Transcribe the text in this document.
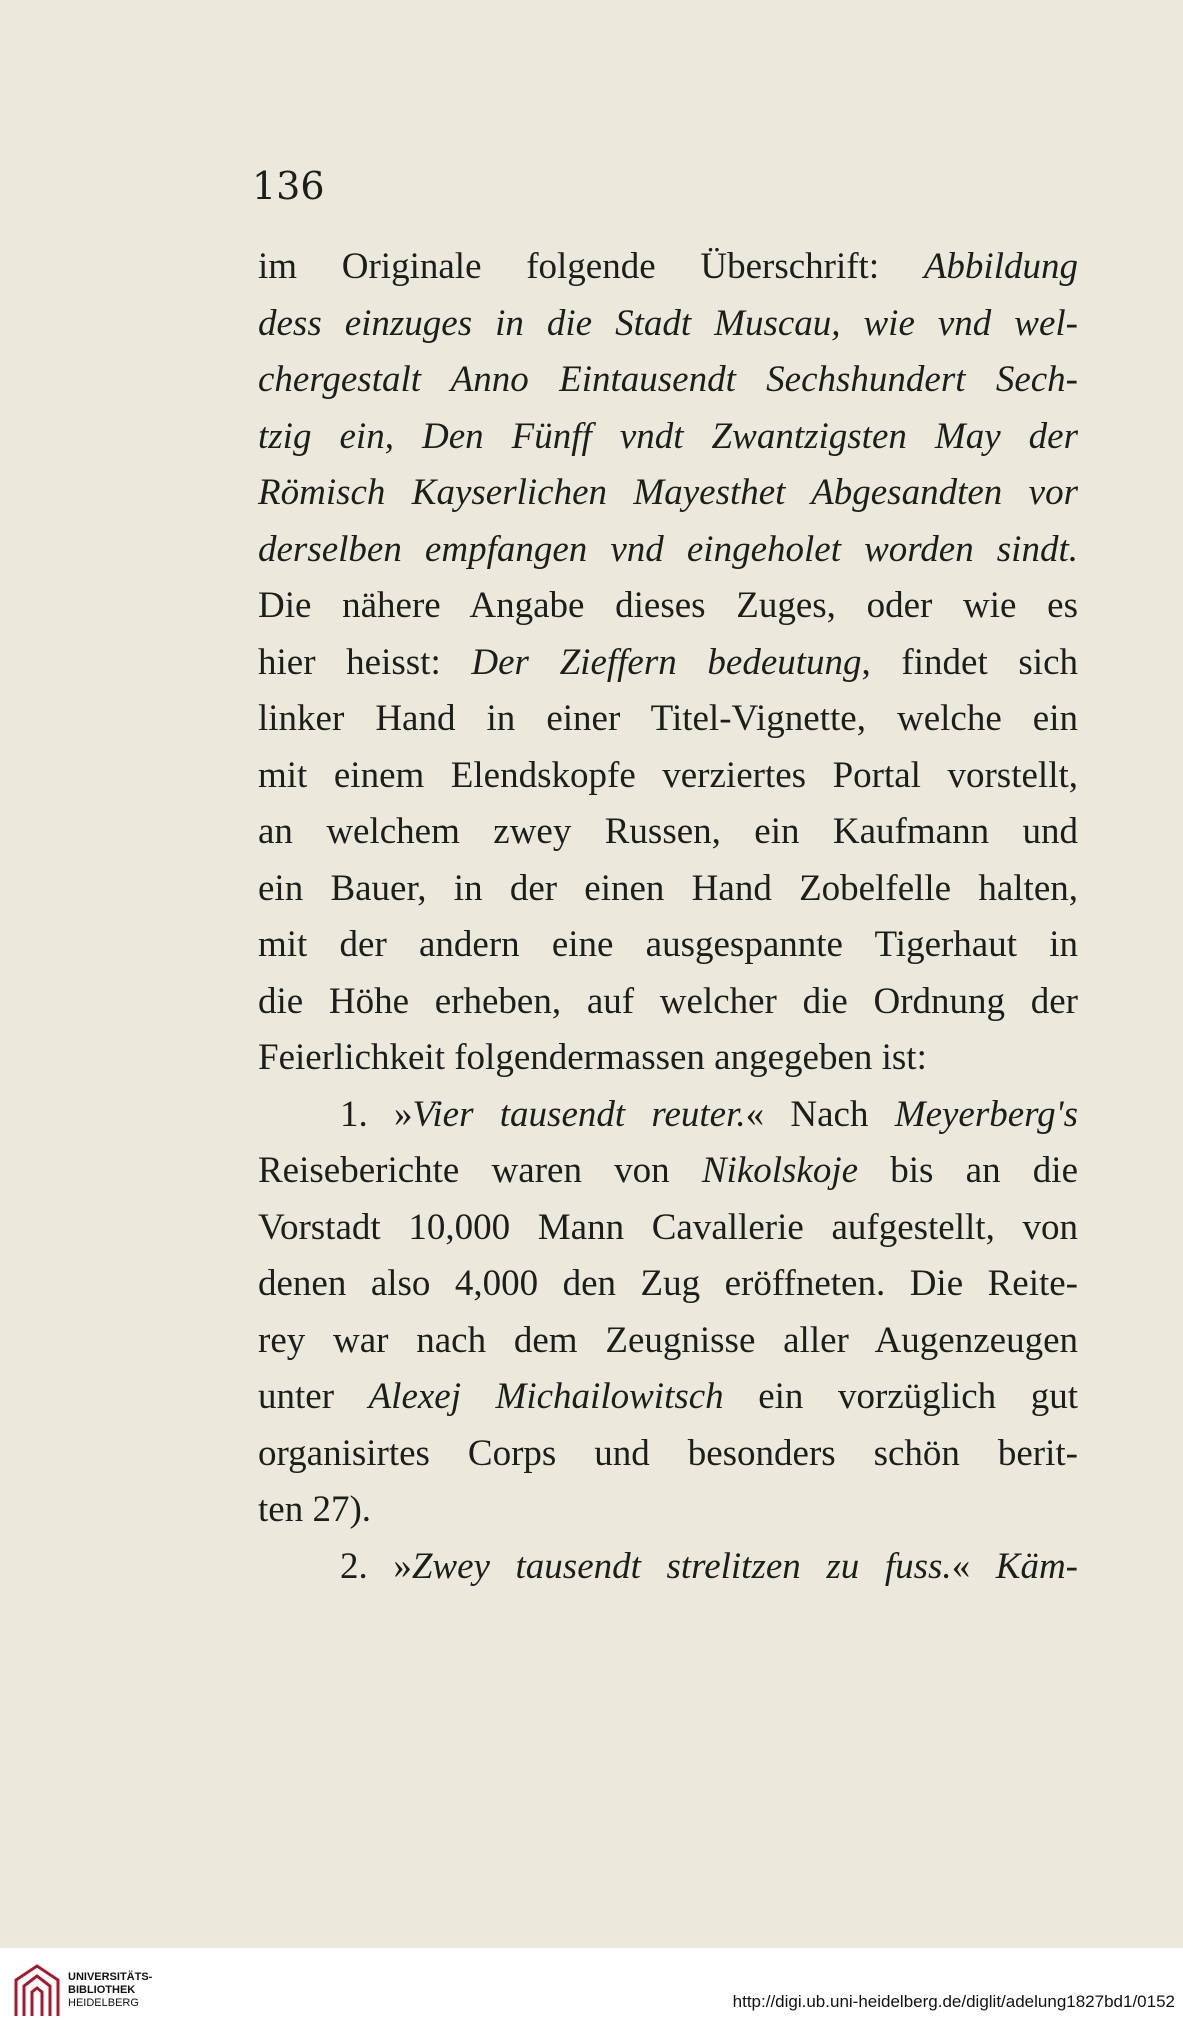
136
im Originale folgende Überschrift: Abbildung
dess einzuges in die Stadt Muscau, wie vnd wel-
chergestalt Anno Eintausendt Sechshundert Sech-
tzig ein, Den Fünff vndt Zwantzigsten May der
Römisch Kayserlichen Mayesthet Abgesandten vor
derselben empfangen vnd eingeholet worden sindt.
Die nähere Angabe dieses Zuges, oder wie es
hier heisst: Der Zieffern bedeutung, findet sich
linker Hand in einer Titel-Vignette, welche ein
mit einem Elendskopfe verziertes Portal vorstellt,
an welchem zwey Russen, ein Kaufmann und
ein Bauer, in der einen Hand Zobelfelle halten,
mit der andern eine ausgespannte Tigerhaut in
die Höhe erheben, auf welcher die Ordnung der
Feierlichkeit folgendermassen angegeben ist:
1. »Vier tausendt reuter.« Nach Meyerberg's
Reiseberichte waren von Nikolskoje bis an die
Vorstadt 10,000 Mann Cavallerie aufgestellt, von
denen also 4,000 den Zug eröffneten. Die Reite-
rey war nach dem Zeugnisse aller Augenzeugen
unter Alexej Michailowitsch ein vorzüglich gut
organisirtes Corps und besonders schön berit-
ten 27).
2. »Zwey tausendt strelitzen zu fuss.« Käm-
UNIVERSITÄTS-
BIBLIOTHEK
HEIDELBERG	http://digi.ub.uni-heidelberg.de/diglit/adelung1827bd1/0152
